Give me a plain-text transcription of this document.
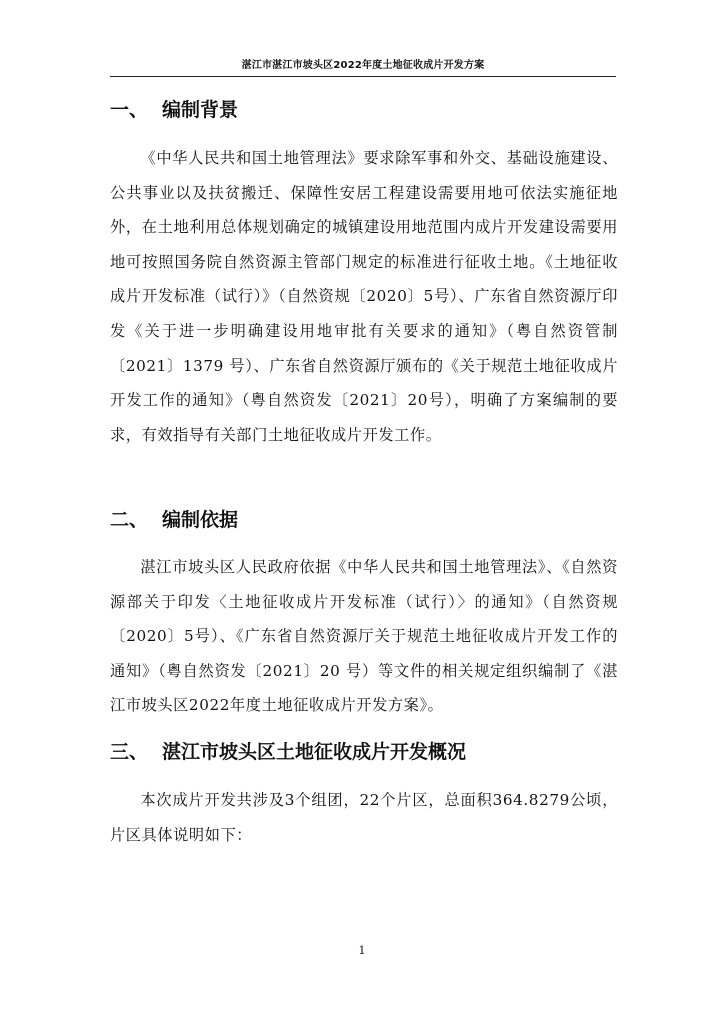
湛江市湛江市坡头区2022年度土地征收成片开发方案
一、 编制背景

《中华人民共和国土地管理法》要求除军事和外交、基础设施建设、公共事业以及扶贫搬迁、保障性安居工程建设需要用地可依法实施征地外，在土地利用总体规划确定的城镇建设用地范围内成片开发建设需要用地可按照国务院自然资源主管部门规定的标准进行征收土地。《土地征收成片开发标准（试行）》（自然资规〔2020〕5号）、广东省自然资源厅印发《关于进一步明确建设用地审批有关要求的通知》（粤自然资管制〔2021〕1379 号）、广东省自然资源厅颁布的《关于规范土地征收成片开发工作的通知》（粤自然资发〔2021〕20号），明确了方案编制的要求，有效指导有关部门土地征收成片开发工作。

二、 编制依据

湛江市坡头区人民政府依据《中华人民共和国土地管理法》、《自然资源部关于印发〈土地征收成片开发标准（试行）〉的通知》（自然资规〔2020〕5号）、《广东省自然资源厅关于规范土地征收成片开发工作的通知》（粤自然资发〔2021〕20 号）等文件的相关规定组织编制了《湛江市坡头区2022年度土地征收成片开发方案》。

三、 湛江市坡头区土地征收成片开发概况

本次成片开发共涉及3个组团，22个片区，总面积364.8279公顷，片区具体说明如下：

1
